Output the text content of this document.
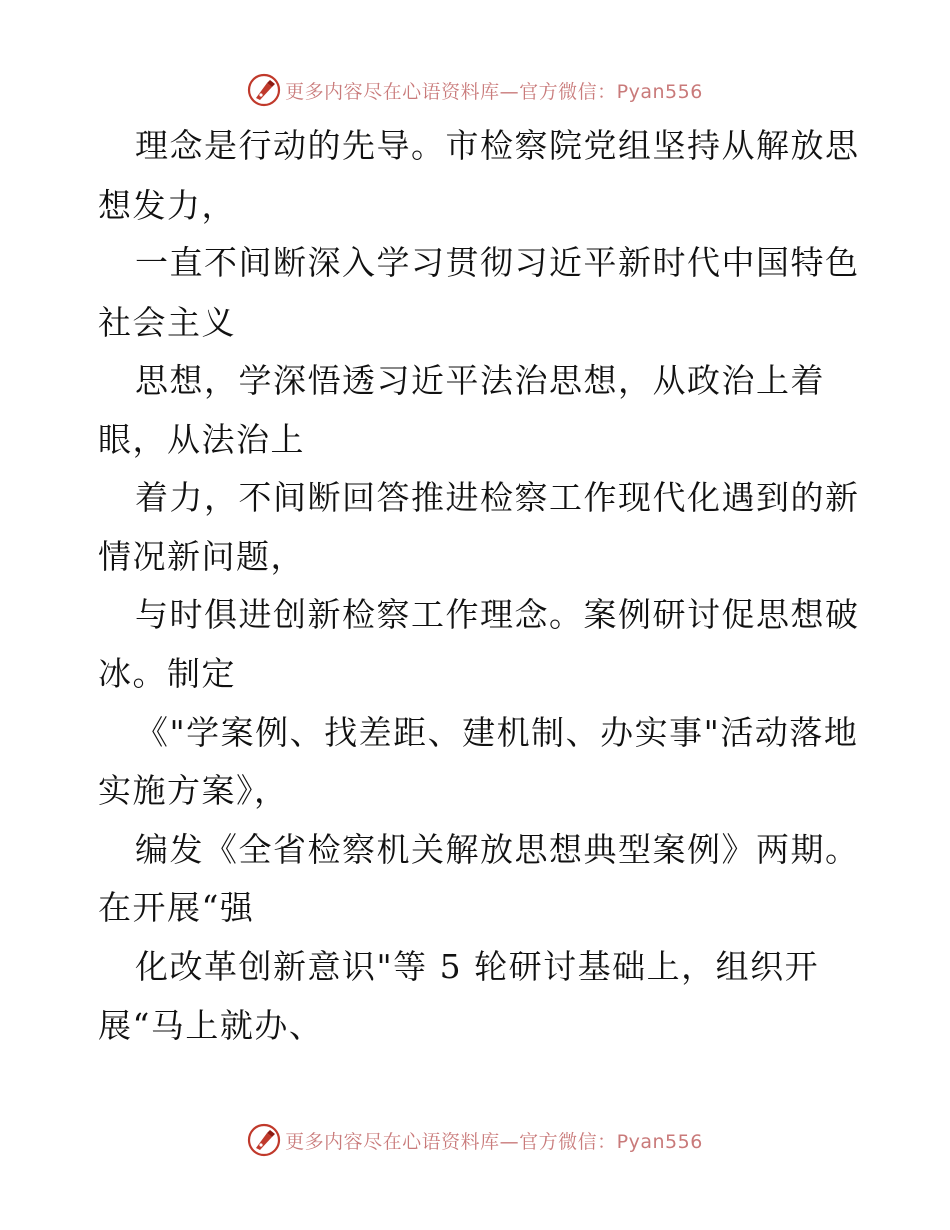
更多内容尽在心语资料库—官方微信：Pyan556
理念是行动的先导。市检察院党组坚持从解放思
想发力，
一直不间断深入学习贯彻习近平新时代中国特色
社会主义
思想，学深悟透习近平法治思想，从政治上着
眼，从法治上
着力，不间断回答推进检察工作现代化遇到的新
情况新问题，
与时俱进创新检察工作理念。案例研讨促思想破
冰。制定
《"学案例、找差距、建机制、办实事"活动落地
实施方案》，
编发《全省检察机关解放思想典型案例》两期。
在开展“强
化改革创新意识"等 5 轮研讨基础上，组织开
展“马上就办、
更多内容尽在心语资料库—官方微信：Pyan556
